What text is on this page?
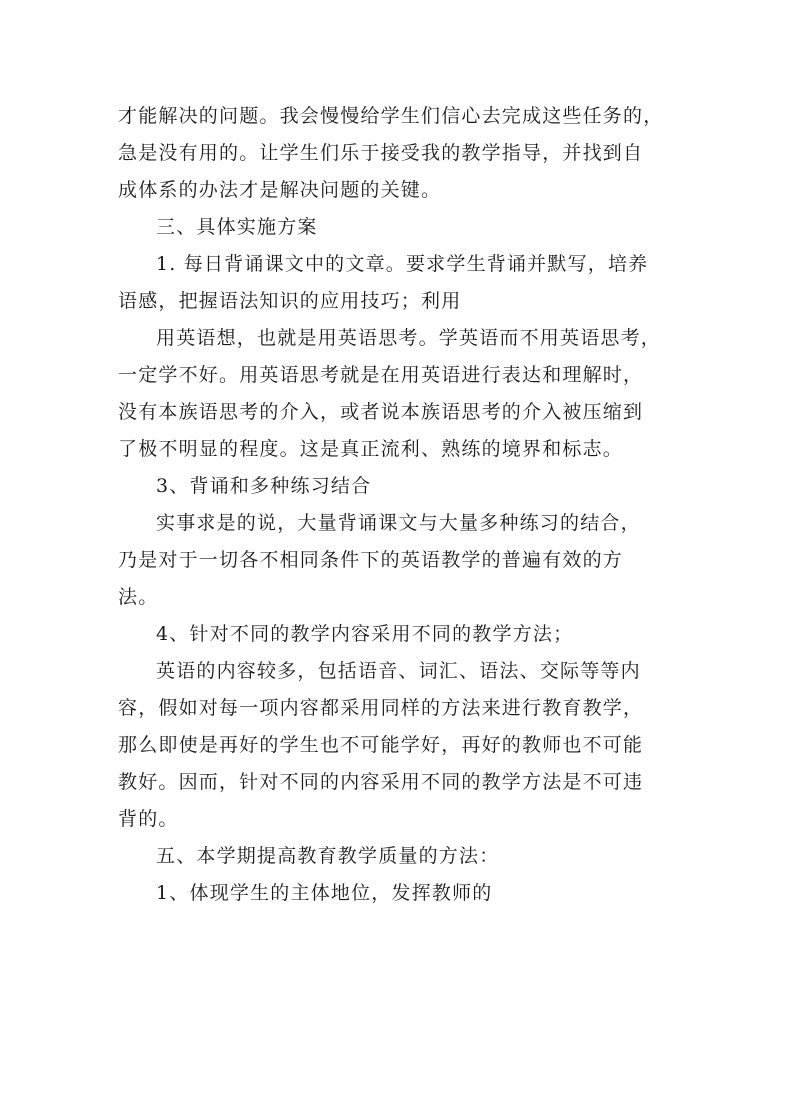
才能解决的问题。我会慢慢给学生们信心去完成这些任务的，
急是没有用的。让学生们乐于接受我的教学指导，并找到自
成体系的办法才是解决问题的关键。
三、具体实施方案
1. 每日背诵课文中的文章。要求学生背诵并默写，培养
语感，把握语法知识的应用技巧；利用
用英语想，也就是用英语思考。学英语而不用英语思考，
一定学不好。用英语思考就是在用英语进行表达和理解时，
没有本族语思考的介入，或者说本族语思考的介入被压缩到
了极不明显的程度。这是真正流利、熟练的境界和标志。
3、背诵和多种练习结合
实事求是的说，大量背诵课文与大量多种练习的结合，
乃是对于一切各不相同条件下的英语教学的普遍有效的方
法。
4、针对不同的教学内容采用不同的教学方法；
英语的内容较多，包括语音、词汇、语法、交际等等内
容，假如对每一项内容都采用同样的方法来进行教育教学，
那么即使是再好的学生也不可能学好，再好的教师也不可能
教好。因而，针对不同的内容采用不同的教学方法是不可违
背的。
五、本学期提高教育教学质量的方法：
1、体现学生的主体地位，发挥教师的
